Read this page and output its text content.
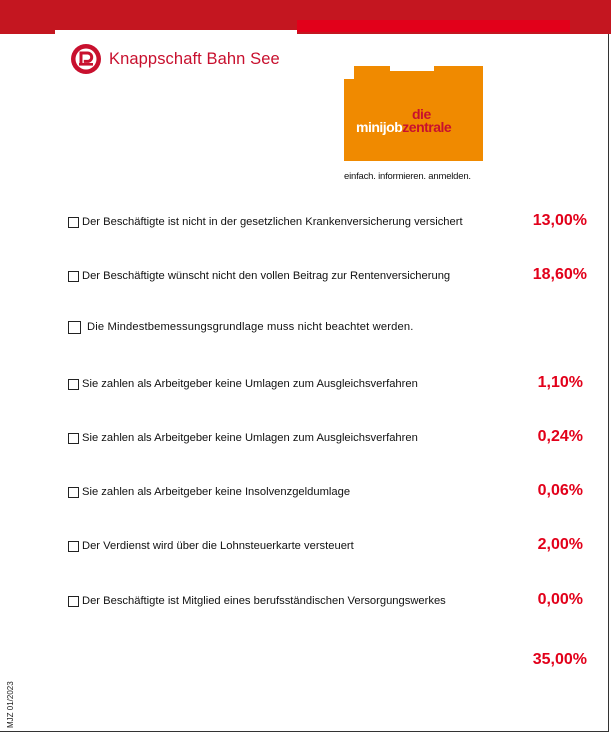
Knappschaft Bahn See
die
minijobzentrale
einfach. informieren. anmelden.
Der Beschäftigte ist nicht in der gesetzlichen Krankenversicherung versichert	13,00%
Der Beschäftigte wünscht nicht den vollen Beitrag zur Rentenversicherung	18,60%
Die Mindestbemessungsgrundlage muss nicht beachtet werden.
Sie zahlen als Arbeitgeber keine Umlagen zum Ausgleichsverfahren	1,10%
Sie zahlen als Arbeitgeber keine Umlagen zum Ausgleichsverfahren	0,24%
Sie zahlen als Arbeitgeber keine Insolvenzgeldumlage	0,06%
Der Verdienst wird über die Lohnsteuerkarte versteuert	2,00%
Der Beschäftigte ist Mitglied eines berufsständischen Versorgungswerkes	0,00%
35,00%
MJZ 01/2023
